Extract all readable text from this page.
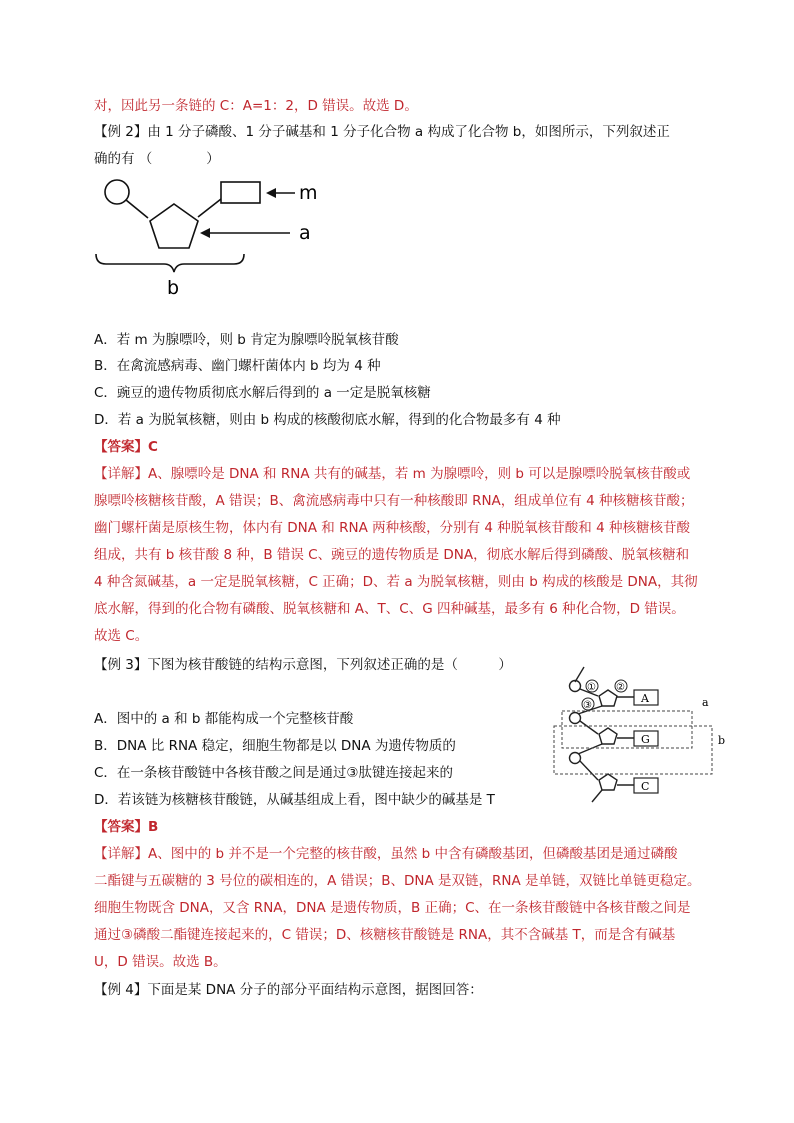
对，因此另一条链的 C：A=1：2，D 错误。故选 D。
【例 2】由 1 分子磷酸、1 分子碱基和 1 分子化合物 a 构成了化合物 b，如图所示，下列叙述正
确的有 （　　　　）
m
a
b
A．若 m 为腺嘌呤，则 b 肯定为腺嘌呤脱氧核苷酸
B．在禽流感病毒、幽门螺杆菌体内 b 均为 4 种
C．豌豆的遗传物质彻底水解后得到的 a 一定是脱氧核糖
D．若 a 为脱氧核糖，则由 b 构成的核酸彻底水解，得到的化合物最多有 4 种
【答案】C
【详解】A、腺嘌呤是 DNA 和 RNA 共有的碱基，若 m 为腺嘌呤，则 b 可以是腺嘌呤脱氧核苷酸或
腺嘌呤核糖核苷酸，A 错误；B、禽流感病毒中只有一种核酸即 RNA，组成单位有 4 种核糖核苷酸；
幽门螺杆菌是原核生物，体内有 DNA 和 RNA 两种核酸，分别有 4 种脱氧核苷酸和 4 种核糖核苷酸
组成，共有 b 核苷酸 8 种，B 错误 C、豌豆的遗传物质是 DNA，彻底水解后得到磷酸、脱氧核糖和
4 种含氮碱基，a 一定是脱氧核糖，C 正确；D、若 a 为脱氧核糖，则由 b 构成的核酸是 DNA，其彻
底水解，得到的化合物有磷酸、脱氧核糖和 A、T、C、G 四种碱基，最多有 6 种化合物，D 错误。
故选 C。
【例 3】下图为核苷酸链的结构示意图，下列叙述正确的是（　　　）
A
① ②
③
G
C
a
b
A．图中的 a 和 b 都能构成一个完整核苷酸
B．DNA 比 RNA 稳定，细胞生物都是以 DNA 为遗传物质的
C．在一条核苷酸链中各核苷酸之间是通过③肽键连接起来的
D．若该链为核糖核苷酸链，从碱基组成上看，图中缺少的碱基是 T
【答案】B
【详解】A、图中的 b 并不是一个完整的核苷酸，虽然 b 中含有磷酸基团，但磷酸基团是通过磷酸
二酯键与五碳糖的 3 号位的碳相连的，A 错误；B、DNA 是双链，RNA 是单链，双链比单链更稳定。
细胞生物既含 DNA，又含 RNA，DNA 是遗传物质，B 正确；C、在一条核苷酸链中各核苷酸之间是
通过③磷酸二酯键连接起来的，C 错误；D、核糖核苷酸链是 RNA，其不含碱基 T，而是含有碱基
U，D 错误。故选 B。
【例 4】下面是某 DNA 分子的部分平面结构示意图，据图回答：
